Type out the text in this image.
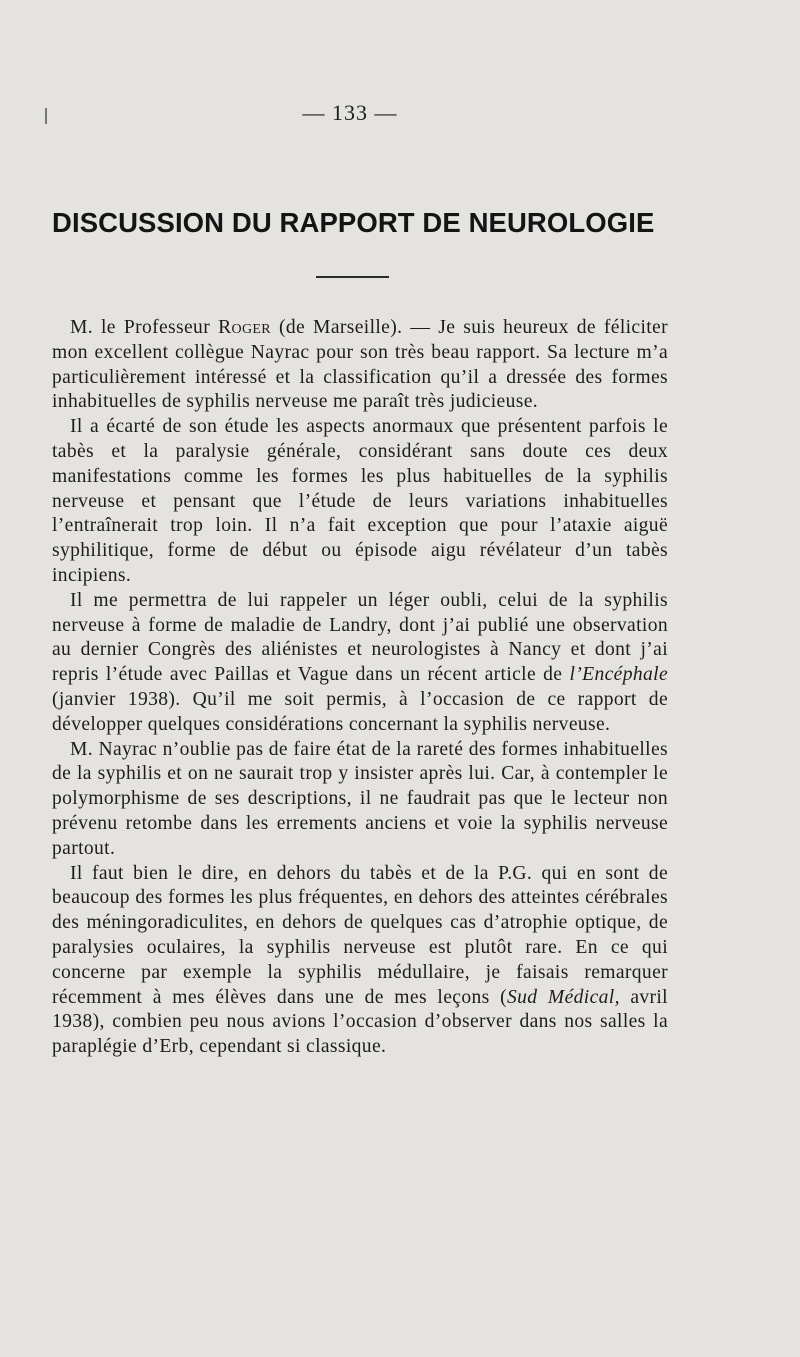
— 133 —
DISCUSSION DU RAPPORT DE NEUROLOGIE

M. le Professeur Roger (de Marseille). — Je suis heureux de féliciter mon excellent collègue Nayrac pour son très beau rapport. Sa lecture m’a particulièrement intéressé et la classification qu’il a dressée des formes inhabituelles de syphilis nerveuse me paraît très judicieuse.

Il a écarté de son étude les aspects anormaux que présentent parfois le tabès et la paralysie générale, considérant sans doute ces deux manifestations comme les formes les plus habituelles de la syphilis nerveuse et pensant que l’étude de leurs variations inhabituelles l’entraînerait trop loin. Il n’a fait exception que pour l’ataxie aiguë syphilitique, forme de début ou épisode aigu révélateur d’un tabès incipiens.

Il me permettra de lui rappeler un léger oubli, celui de la syphilis nerveuse à forme de maladie de Landry, dont j’ai publié une observation au dernier Congrès des aliénistes et neurologistes à Nancy et dont j’ai repris l’étude avec Paillas et Vague dans un récent article de l’Encéphale (janvier 1938). Qu’il me soit permis, à l’occasion de ce rapport de développer quelques considérations concernant la syphilis nerveuse.

M. Nayrac n’oublie pas de faire état de la rareté des formes inhabituelles de la syphilis et on ne saurait trop y insister après lui. Car, à contempler le polymorphisme de ses descriptions, il ne faudrait pas que le lecteur non prévenu retombe dans les errements anciens et voie la syphilis nerveuse partout.

Il faut bien le dire, en dehors du tabès et de la P.G. qui en sont de beaucoup des formes les plus fréquentes, en dehors des atteintes cérébrales des méningoradiculites, en dehors de quelques cas d’atrophie optique, de paralysies oculaires, la syphilis nerveuse est plutôt rare. En ce qui concerne par exemple la syphilis médullaire, je faisais remarquer récemment à mes élèves dans une de mes leçons (Sud Médical, avril 1938), combien peu nous avions l’occasion d’observer dans nos salles la paraplégie d’Erb, cependant si classique.
